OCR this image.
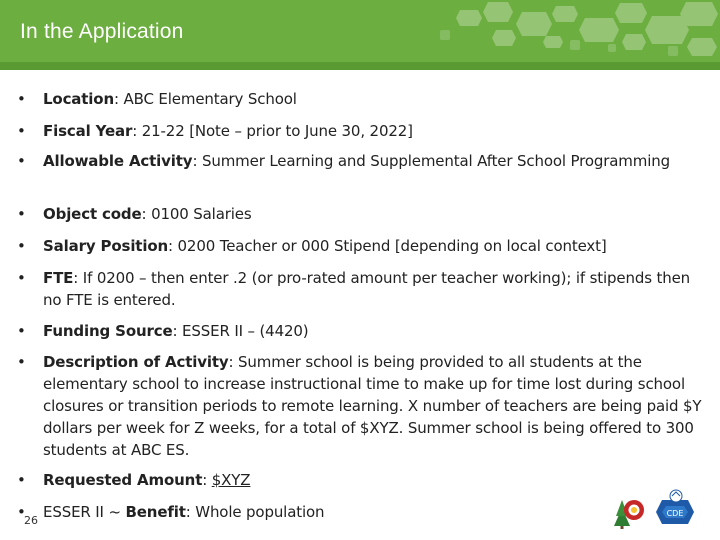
In the Application
• Location: ABC Elementary School
• Fiscal Year: 21-22 [Note – prior to June 30, 2022]
• Allowable Activity: Summer Learning and Supplemental After School Programming
• Object code: 0100 Salaries
• Salary Position: 0200 Teacher or 000 Stipend [depending on local context]
• FTE: If 0200 – then enter .2 (or pro-rated amount per teacher working); if stipends then no FTE is entered.
• Funding Source: ESSER II – (4420)
• Description of Activity: Summer school is being provided to all students at the elementary school to increase instructional time to make up for time lost during school closures or transition periods to remote learning. X number of teachers are being paid $Y dollars per week for Z weeks, for a total of $XYZ. Summer school is being offered to 300 students at ABC ES.
• Requested Amount: $XYZ
• ESSER II ~ Benefit: Whole population
26
CDE
